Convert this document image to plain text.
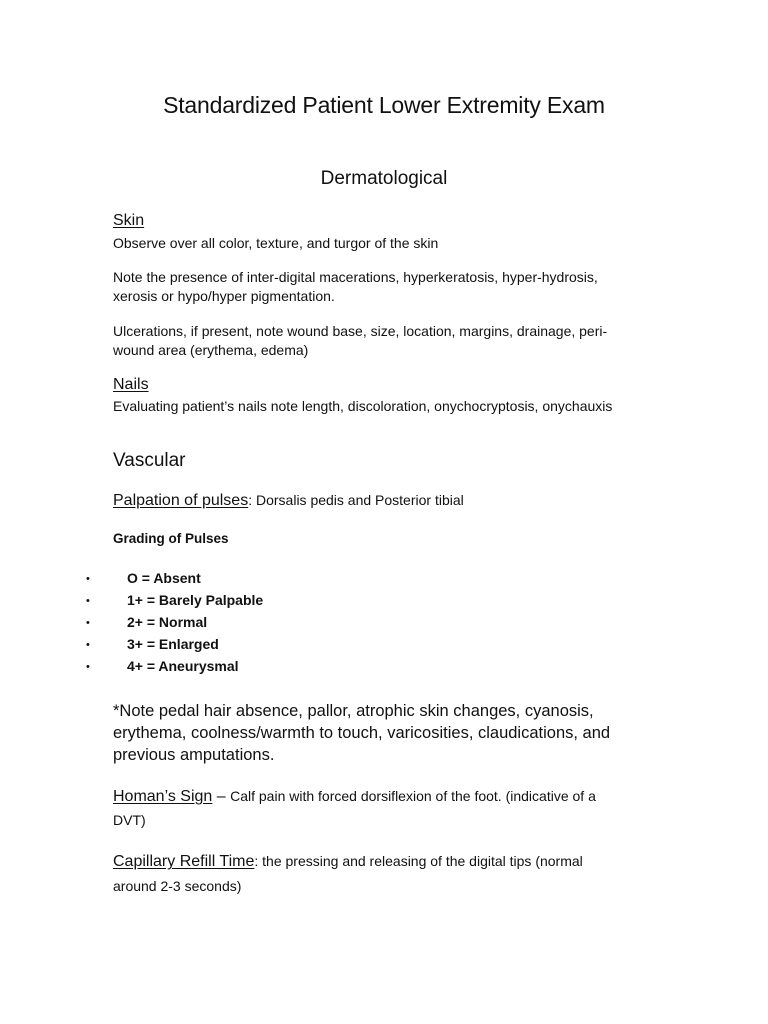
Standardized Patient Lower Extremity Exam
Dermatological
Skin
Observe over all color, texture, and turgor of the skin
Note the presence of inter-digital macerations, hyperkeratosis, hyper-hydrosis,
xerosis or hypo/hyper pigmentation.
Ulcerations, if present, note wound base, size, location, margins, drainage, peri-
wound area (erythema, edema)
Nails
Evaluating patient’s nails note length, discoloration, onychocryptosis, onychauxis
Vascular
Palpation of pulses: Dorsalis pedis and Posterior tibial
Grading of Pulses
•	O = Absent
•	1+ = Barely Palpable
•	2+ = Normal
•	3+ = Enlarged
•	4+ = Aneurysmal
*Note pedal hair absence, pallor, atrophic skin changes, cyanosis,
erythema, coolness/warmth to touch, varicosities, claudications, and
previous amputations.
Homan’s Sign – Calf pain with forced dorsiflexion of the foot. (indicative of a
DVT)
Capillary Refill Time: the pressing and releasing of the digital tips (normal
around 2-3 seconds)
